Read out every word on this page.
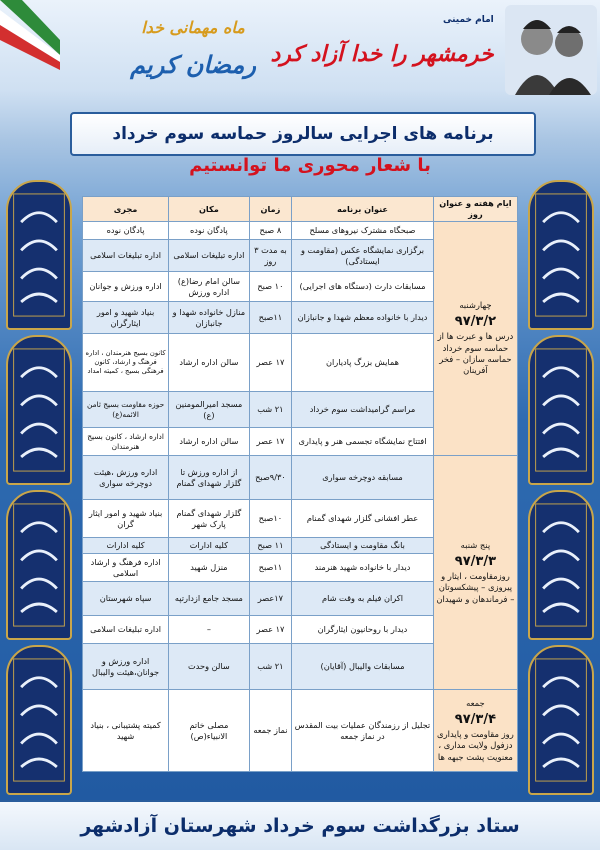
خرمشهر را خدا آزاد کرد
ماه مهمانی خدا
رمضان کریم
امام خمینی
برنامه های اجرایی سالروز حماسه سوم خرداد
با شعار محوری ما توانستیم
ایام هفته و عنوان روز	عنوان برنامه	زمان	مکان	مجری
چهارشنبه
۹۷/۳/۲
درس ها و عبرت ها از حماسه سوم خرداد حماسه سازان – فخر آفرینان	صبحگاه مشترک نیروهای مسلح	۸ صبح	پادگان نوده	پادگان نوده
	برگزاری نمایشگاه عکس (مقاومت و ایستادگی)	به مدت ۳ روز	اداره تبلیغات اسلامی	اداره تبلیغات اسلامی
	مسابقات دارت (دستگاه های اجرایی)	۱۰ صبح	سالن امام رضا(ع) اداره ورزش	اداره ورزش و جوانان
	دیدار با خانواده معظم شهدا و جانبازان	۱۱صبح	منازل خانواده شهدا و جانبازان	بنیاد شهید و امور ایثارگران
	همایش بزرگ پادیاران	۱۷ عصر	سالن اداره ارشاد	کانون بسیج هنرمندان ، اداره فرهنگ و ارشاد، کانون فرهنگی بسیج ، کمیته امداد
	مراسم گرامیداشت سوم خرداد	۲۱ شب	مسجد امیرالمومنین (ع)	حوزه مقاومت بسیج ثامن الائمه(ع)
	افتتاح نمایشگاه تجسمی هنر و پایداری	۱۷ عصر	سالن اداره ارشاد	اداره ارشاد ، کانون بسیج هنرمندان
پنج شنبه
۹۷/۳/۳
روزمقاومت ، ایثار و پیروزی – پیشکسوتان – فرماندهان و شهیدان	مسابقه دوچرخه سواری	۹/۳۰صبح	از اداره ورزش تا گلزار شهدای گمنام	اداره ورزش ،هیئت دوچرخه سواری
	عطر افشانی گلزار شهدای گمنام	۱۰صبح	گلزار شهدای گمنام پارک شهر	بنیاد شهید و امور ایثار گران
	بانگ مقاومت و ایستادگی	۱۱ صبح	کلیه ادارات	کلیه ادارات
	دیدار با خانواده شهید هنرمند	۱۱صبح	منزل شهید	اداره فرهنگ و ارشاد اسلامی
	اکران فیلم به وقت شام	۱۷عصر	مسجد جامع ازدارتپه	سپاه شهرستان
	دیدار با روحانیون ایثارگران	۱۷ عصر	–	اداره تبلیغات اسلامی
	مسابقات والیبال (آقایان)	۲۱ شب	سالن وحدت	اداره ورزش و جوانان،هیئت والیبال
جمعه
۹۷/۳/۴
روز مقاومت و پایداری دزفول ولایت مداری ، معنویت پشت جبهه ها	تجلیل از رزمندگان عملیات بیت المقدس در نماز جمعه	نماز جمعه	مصلی خاتم الانبیاء(ص)	کمیته پشتیبانی ، بنیاد شهید
ستاد بزرگداشت سوم خرداد شهرستان آزادشهر
